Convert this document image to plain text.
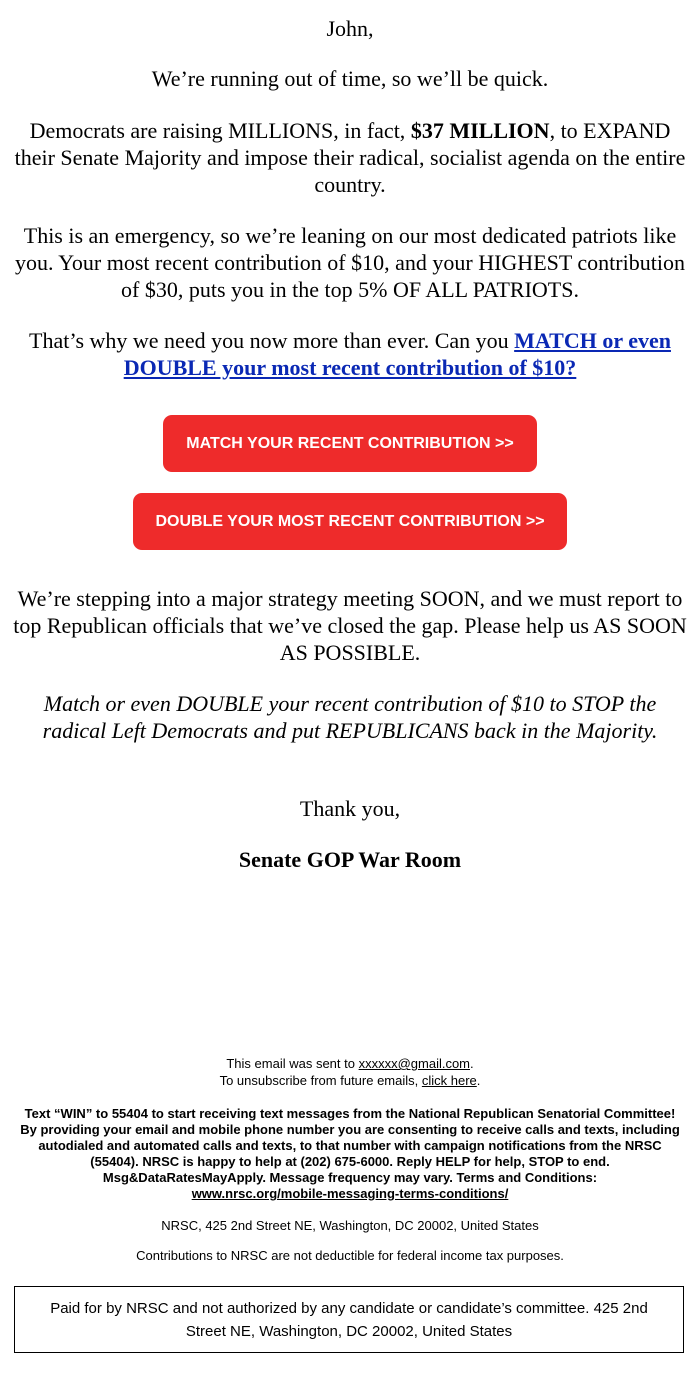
John,
We’re running out of time, so we’ll be quick.
Democrats are raising MILLIONS, in fact, $37 MILLION, to EXPAND their Senate Majority and impose their radical, socialist agenda on the entire country.
This is an emergency, so we’re leaning on our most dedicated patriots like you. Your most recent contribution of $10, and your HIGHEST contribution of $30, puts you in the top 5% OF ALL PATRIOTS.
That’s why we need you now more than ever. Can you MATCH or even DOUBLE your most recent contribution of $10?
MATCH YOUR RECENT CONTRIBUTION >>
DOUBLE YOUR MOST RECENT CONTRIBUTION >>
We’re stepping into a major strategy meeting SOON, and we must report to top Republican officials that we’ve closed the gap. Please help us AS SOON AS POSSIBLE.
Match or even DOUBLE your recent contribution of $10 to STOP the radical Left Democrats and put REPUBLICANS back in the Majority.
Thank you,
Senate GOP War Room
This email was sent to xxxxxx@gmail.com.
To unsubscribe from future emails, click here.
Text “WIN” to 55404 to start receiving text messages from the National Republican Senatorial Committee! By providing your email and mobile phone number you are consenting to receive calls and texts, including autodialed and automated calls and texts, to that number with campaign notifications from the NRSC (55404). NRSC is happy to help at (202) 675-6000. Reply HELP for help, STOP to end. Msg&DataRatesMayApply. Message frequency may vary. Terms and Conditions:
www.nrsc.org/mobile-messaging-terms-conditions/
NRSC, 425 2nd Street NE, Washington, DC 20002, United States
Contributions to NRSC are not deductible for federal income tax purposes.
Paid for by NRSC and not authorized by any candidate or candidate’s committee. 425 2nd Street NE, Washington, DC 20002, United States
